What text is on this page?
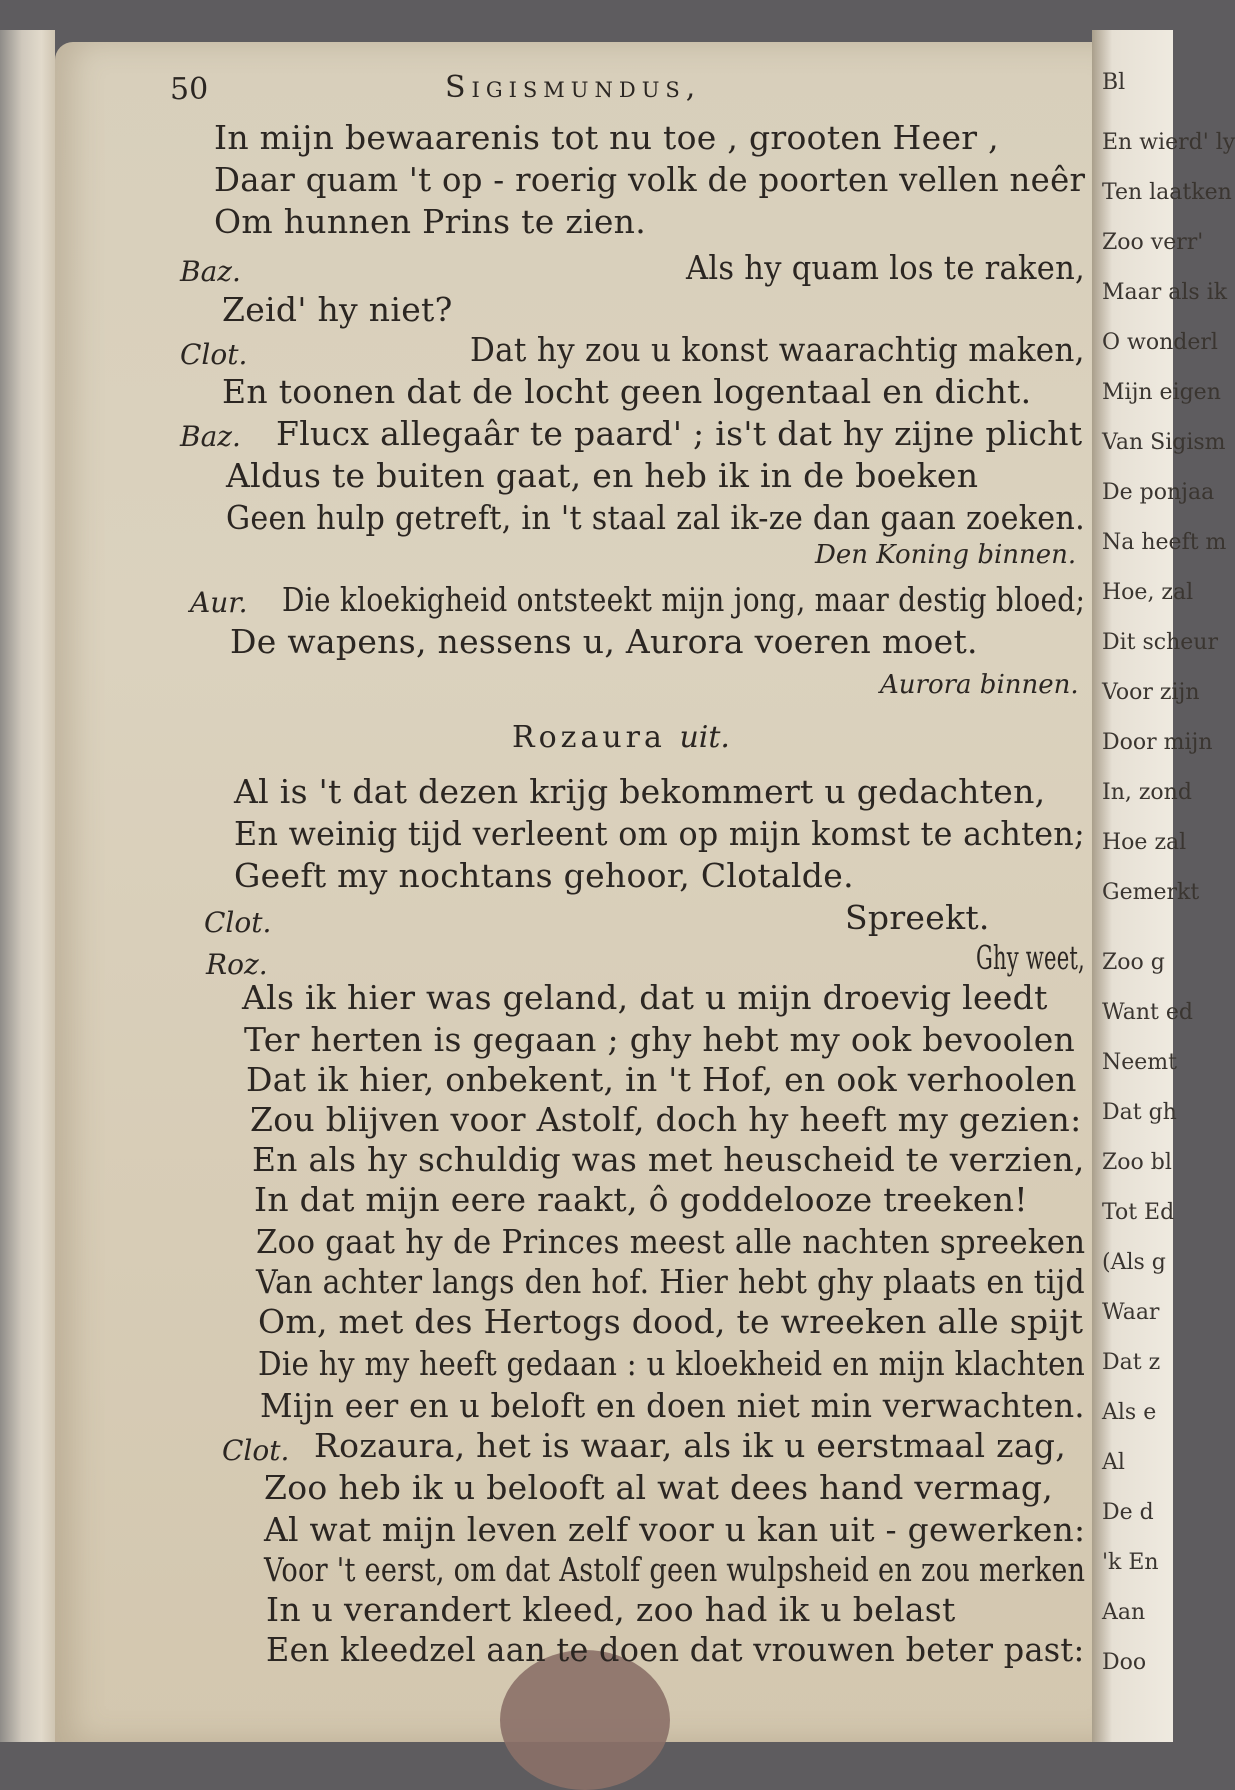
Bl
En wierd' ly
Ten laatken
Zoo verr'
Maar als ik
O wonderl
Mijn eigen
Van Sigism
De ponjaa
Na heeft m
Hoe, zal
Dit scheur
Voor zijn
Door mijn
In, zond
Hoe zal
Gemerkt
Zoo g
Want ed
Neemt
Dat gh
Zoo bl
Tot Ed
(Als g
Waar
Dat z
Als e
Al
De d
'k En
Aan
Doo
50	Sigismundus,
In mijn bewaarenis tot nu toe , grooten Heer ,
Daar quam 't op - roerig volk de poorten vellen neêr
Om hunnen Prins te zien.
Baz.	Als hy quam los te raken,
Zeid' hy niet?
Clot.	Dat hy zou u konst waarachtig maken,
En toonen dat de locht geen logentaal en dicht.
Baz. Flucx allegaâr te paard' ; is't dat hy zijne plicht
Aldus te buiten gaat, en heb ik in de boeken
Geen hulp getreft, in 't staal zal ik-ze dan gaan zoeken.
Den Koning binnen.
Aur. Die kloekigheid ontsteekt mijn jong, maar destig bloed;
De wapens, nessens u, Aurora voeren moet.
Aurora binnen.
Rozaura uit.
Al is 't dat dezen krijg bekommert u gedachten,
En weinig tijd verleent om op mijn komst te achten;
Geeft my nochtans gehoor, Clotalde.
Clot.	Spreekt.
Roz.	Ghy weet,
Als ik hier was geland, dat u mijn droevig leedt
Ter herten is gegaan ; ghy hebt my ook bevoolen
Dat ik hier, onbekent, in 't Hof, en ook verhoolen
Zou blijven voor Astolf, doch hy heeft my gezien:
En als hy schuldig was met heuscheid te verzien,
In dat mijn eere raakt, ô goddelooze treeken!
Zoo gaat hy de Princes meest alle nachten spreeken
Van achter langs den hof. Hier hebt ghy plaats en tijd
Om, met des Hertogs dood, te wreeken alle spijt
Die hy my heeft gedaan : u kloekheid en mijn klachten
Mijn eer en u beloft en doen niet min verwachten.
Clot. Rozaura, het is waar, als ik u eerstmaal zag,
Zoo heb ik u belooft al wat dees hand vermag,
Al wat mijn leven zelf voor u kan uit - gewerken:
Voor 't eerst, om dat Astolf geen wulpsheid en zou merken
In u verandert kleed, zoo had ik u belast
Een kleedzel aan te doen dat vrouwen beter past:
